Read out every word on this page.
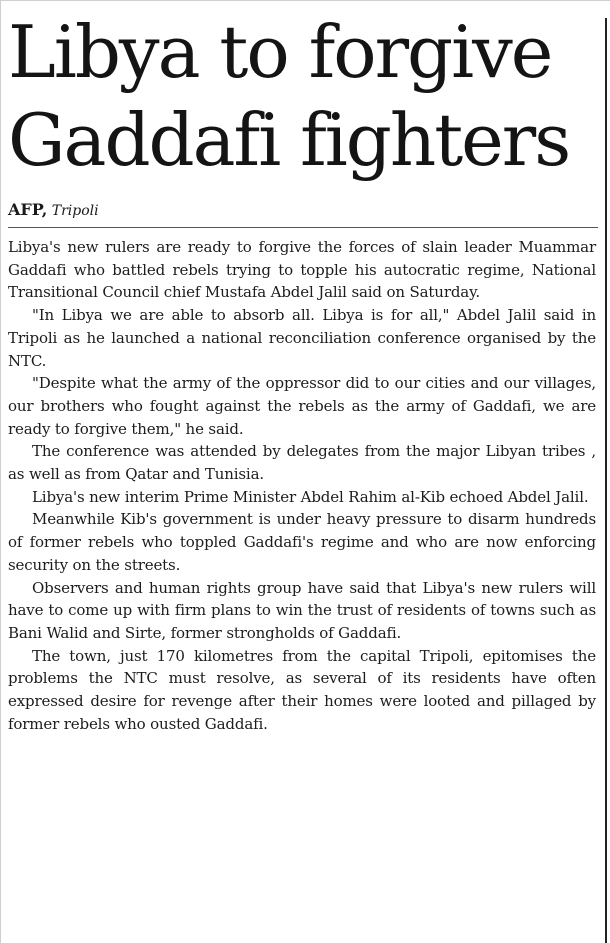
Libya to forgive
Gaddafi fighters
AFP, Tripoli

Libya's new rulers are ready to forgive the forces of slain leader Muammar Gaddafi who battled rebels trying to topple his autocratic regime, National Transitional Council chief Mustafa Abdel Jalil said on Saturday.

"In Libya we are able to absorb all. Libya is for all," Abdel Jalil said in Tripoli as he launched a national reconciliation conference organised by the NTC.

"Despite what the army of the oppressor did to our cities and our villages, our brothers who fought against the rebels as the army of Gaddafi, we are ready to forgive them," he said.

The conference was attended by delegates from the major Libyan tribes , as well as from Qatar and Tunisia.

Libya's new interim Prime Minister Abdel Rahim al-Kib echoed Abdel Jalil.

Meanwhile Kib's government is under heavy pressure to disarm hundreds of former rebels who toppled Gaddafi's regime and who are now enforcing security on the streets.

Observers and human rights group have said that Libya's new rulers will have to come up with firm plans to win the trust of residents of towns such as Bani Walid and Sirte, former strongholds of Gaddafi.

The town, just 170 kilometres from the capital Tripoli, epitomises the problems the NTC must resolve, as several of its residents have often expressed desire for revenge after their homes were looted and pillaged by former rebels who ousted Gaddafi.
